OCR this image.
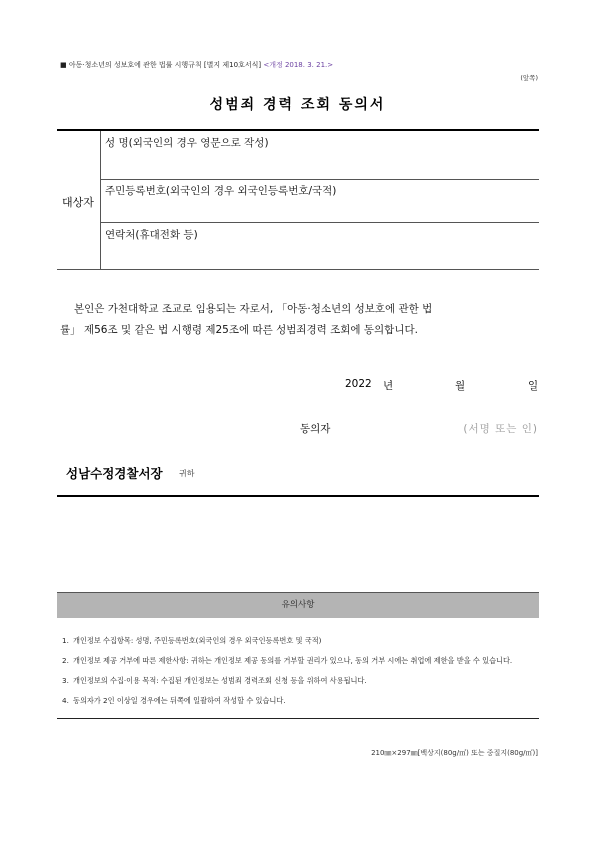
■ 아동·청소년의 성보호에 관한 법률 시행규칙 [별지 제10호서식] <개정 2018. 3. 21.>
(앞쪽)
성범죄 경력 조회 동의서
대상자
성 명(외국인의 경우 영문으로 작성)
주민등록번호(외국인의 경우 외국인등록번호/국적)
연락처(휴대전화 등)
본인은 가천대학교 조교로 임용되는 자로서, 「아동·청소년의 성보호에 관한 법
률」 제56조 및 같은 법 시행령 제25조에 따른 성범죄경력 조회에 동의합니다.
2022 년	월	일
동의자	(서명 또는 인)
성남수정경찰서장 귀하
유의사항
1. 개인정보 수집항목: 성명, 주민등록번호(외국인의 경우 외국인등록번호 및 국적)
2. 개인정보 제공 거부에 따른 제한사항: 귀하는 개인정보 제공 동의를 거부할 권리가 있으나, 동의 거부 시에는 취업에 제한을 받을 수 있습니다.
3. 개인정보의 수집·이용 목적: 수집된 개인정보는 성범죄 경력조회 신청 등을 위하여 사용됩니다.
4. 동의자가 2인 이상일 경우에는 뒤쪽에 일괄하여 작성할 수 있습니다.
210㎜×297㎜[백상지(80g/㎡) 또는 중질지(80g/㎡)]
